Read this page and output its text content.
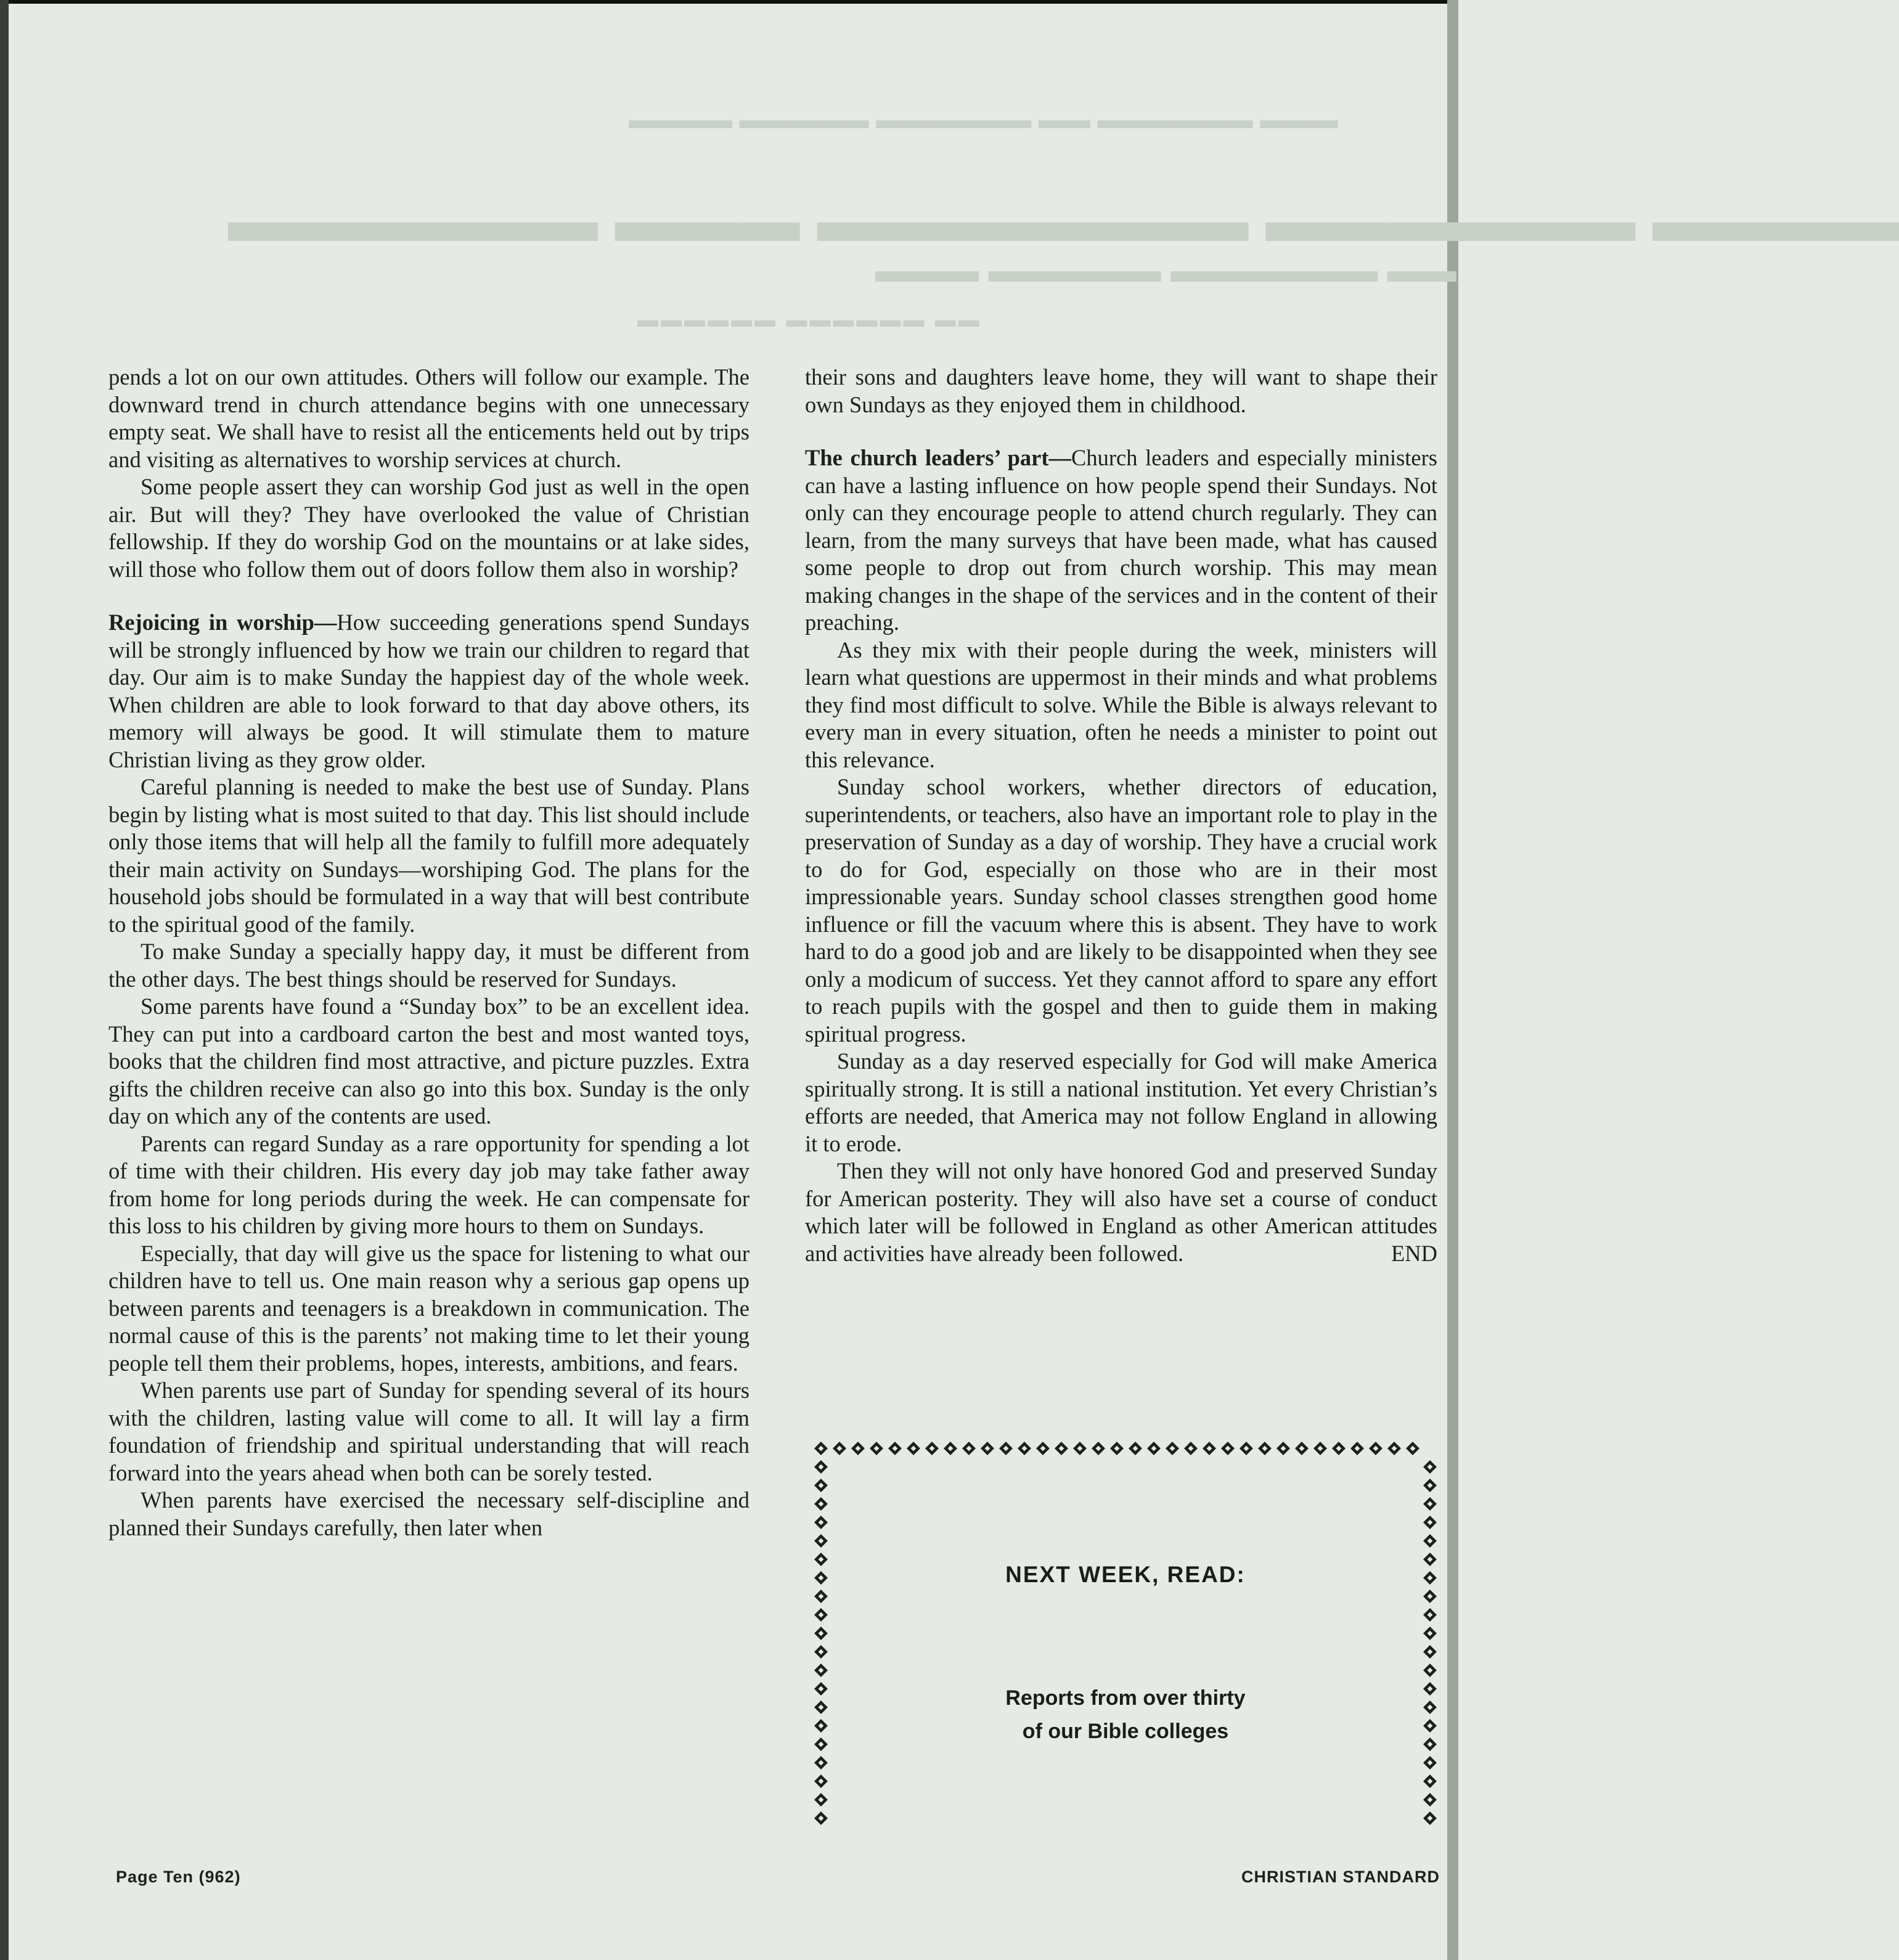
▬▬▬ ▬▬▬▬▬▬ ▬▬ ▬▬▬▬▬▬ ▬▬▬▬▬ ▬▬▬▬
▬▬▬▬ ▬▬▬▬▬▬ ▬▬▬▬▬▬▬ ▬▬▬ ▬▬▬▬▬▬
▬▬ ▬▬▬▬▬▬ ▬▬▬▬▬ ▬▬▬
▬▬ ▬▬▬▬▬▬ ▬▬▬▬▬▬

pends a lot on our own attitudes. Others will follow our example. The downward trend in church attendance begins with one unnecessary empty seat. We shall have to resist all the enticements held out by trips and visiting as alternatives to worship services at church.

Some people assert they can worship God just as well in the open air. But will they? They have overlooked the value of Christian fellowship. If they do worship God on the mountains or at lake sides, will those who follow them out of doors follow them also in worship?

Rejoicing in worship—How succeeding generations spend Sundays will be strongly influenced by how we train our children to regard that day. Our aim is to make Sunday the happiest day of the whole week. When children are able to look forward to that day above others, its memory will always be good. It will stimulate them to mature Christian living as they grow older.

Careful planning is needed to make the best use of Sunday. Plans begin by listing what is most suited to that day. This list should include only those items that will help all the family to fulfill more adequately their main activity on Sundays—worshiping God. The plans for the household jobs should be formulated in a way that will best contribute to the spiritual good of the family.

To make Sunday a specially happy day, it must be different from the other days. The best things should be reserved for Sundays.

Some parents have found a “Sunday box” to be an excellent idea. They can put into a cardboard carton the best and most wanted toys, books that the children find most attractive, and picture puzzles. Extra gifts the children receive can also go into this box. Sunday is the only day on which any of the contents are used.

Parents can regard Sunday as a rare opportunity for spending a lot of time with their children. His every day job may take father away from home for long periods during the week. He can compensate for this loss to his children by giving more hours to them on Sundays.

Especially, that day will give us the space for listening to what our children have to tell us. One main reason why a serious gap opens up between parents and teenagers is a breakdown in communication. The normal cause of this is the parents’ not making time to let their young people tell them their problems, hopes, interests, ambitions, and fears.

When parents use part of Sunday for spending several of its hours with the children, lasting value will come to all. It will lay a firm foundation of friendship and spiritual understanding that will reach forward into the years ahead when both can be sorely tested.

When parents have exercised the necessary self-discipline and planned their Sundays carefully, then later when

their sons and daughters leave home, they will want to shape their own Sundays as they enjoyed them in childhood.

The church leaders’ part—Church leaders and especially ministers can have a lasting influence on how people spend their Sundays. Not only can they encourage people to attend church regularly. They can learn, from the many surveys that have been made, what has caused some people to drop out from church worship. This may mean making changes in the shape of the services and in the content of their preaching.

As they mix with their people during the week, ministers will learn what questions are uppermost in their minds and what problems they find most difficult to solve. While the Bible is always relevant to every man in every situation, often he needs a minister to point out this relevance.

Sunday school workers, whether directors of education, superintendents, or teachers, also have an important role to play in the preservation of Sunday as a day of worship. They have a crucial work to do for God, especially on those who are in their most impressionable years. Sunday school classes strengthen good home influence or fill the vacuum where this is absent. They have to work hard to do a good job and are likely to be disappointed when they see only a modicum of success. Yet they cannot afford to spare any effort to reach pupils with the gospel and then to guide them in making spiritual progress.

Sunday as a day reserved especially for God will make America spiritually strong. It is still a national institution. Yet every Christian’s efforts are needed, that America may not follow England in allowing it to erode.

Then they will not only have honored God and preserved Sunday for American posterity. They will also have set a course of conduct which later will be followed in England as other American attitudes and activities have already been followed.	END

NEXT WEEK, READ:
Reports from over thirty
of our Bible colleges
Page Ten (962)	CHRISTIAN STANDARD
